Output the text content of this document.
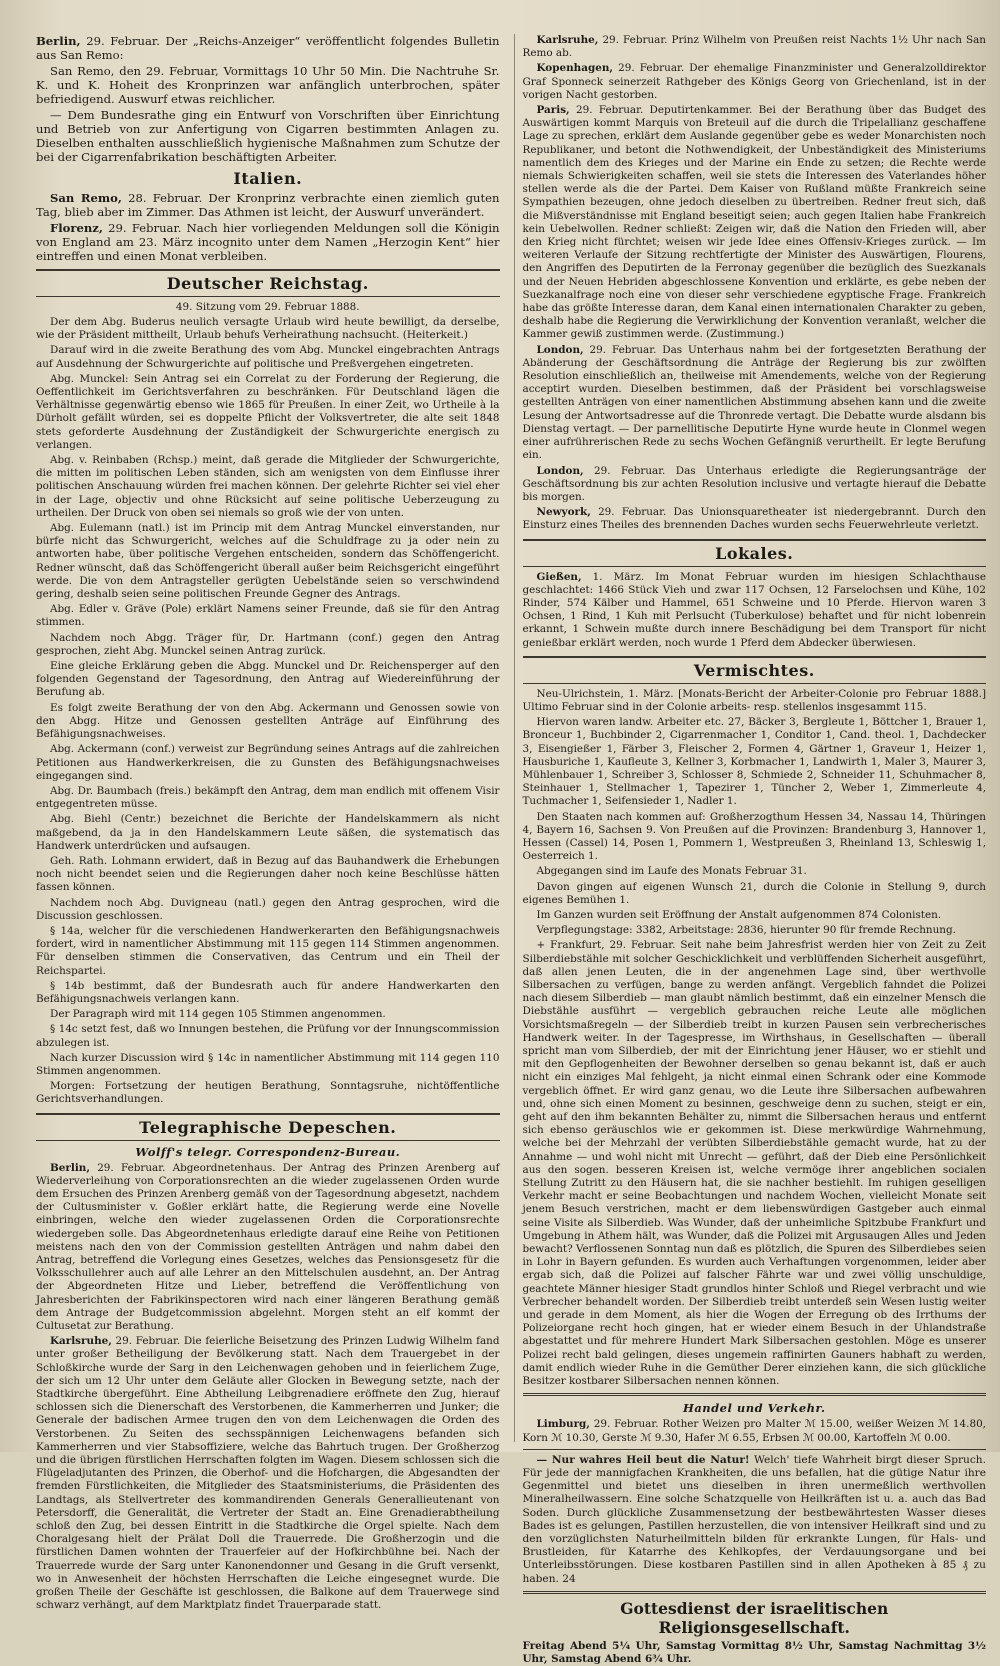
Berlin, 29. Februar. Der „Reichs-Anzeiger“ veröffentlicht folgendes Bulletin aus San Remo:

San Remo, den 29. Februar, Vormittags 10 Uhr 50 Min. Die Nachtruhe Sr. K. und K. Hoheit des Kronprinzen war anfänglich unterbrochen, später befriedigend. Auswurf etwas reichlicher.

— Dem Bundesrathe ging ein Entwurf von Vorschriften über Einrichtung und Betrieb von zur Anfertigung von Cigarren bestimmten Anlagen zu. Dieselben enthalten ausschließlich hygienische Maßnahmen zum Schutze der bei der Cigarrenfabrikation beschäftigten Arbeiter.

Italien.

San Remo, 28. Februar. Der Kronprinz verbrachte einen ziemlich guten Tag, blieb aber im Zimmer. Das Athmen ist leicht, der Auswurf unverändert.

Florenz, 29. Februar. Nach hier vorliegenden Meldungen soll die Königin von England am 23. März incognito unter dem Namen „Herzogin Kent“ hier eintreffen und einen Monat verbleiben.

Deutscher Reichstag.
49. Sitzung vom 29. Februar 1888.

Der dem Abg. Buderus neulich versagte Urlaub wird heute bewilligt, da derselbe, wie der Präsident mittheilt, Urlaub behufs Verheirathung nachsucht. (Heiterkeit.)

Darauf wird in die zweite Berathung des vom Abg. Munckel eingebrachten Antrags auf Ausdehnung der Schwurgerichte auf politische und Preßvergehen eingetreten.

Abg. Munckel: Sein Antrag sei ein Correlat zu der Forderung der Regierung, die Oeffentlichkeit im Gerichtsverfahren zu beschränken. Für Deutschland lägen die Verhältnisse gegenwärtig ebenso wie 1865 für Preußen. In einer Zeit, wo Urtheile à la Dürholt gefällt würden, sei es doppelte Pflicht der Volksvertreter, die alte seit 1848 stets geforderte Ausdehnung der Zuständigkeit der Schwurgerichte energisch zu verlangen.

Abg. v. Reinbaben (Rchsp.) meint, daß gerade die Mitglieder der Schwurgerichte, die mitten im politischen Leben ständen, sich am wenigsten von dem Einflusse ihrer politischen Anschauung würden frei machen können. Der gelehrte Richter sei viel eher in der Lage, objectiv und ohne Rücksicht auf seine politische Ueberzeugung zu urtheilen. Der Druck von oben sei niemals so groß wie der von unten.

Abg. Eulemann (natl.) ist im Princip mit dem Antrag Munckel einverstanden, nur bürfe nicht das Schwurgericht, welches auf die Schuldfrage zu ja oder nein zu antworten habe, über politische Vergehen entscheiden, sondern das Schöffengericht. Redner wünscht, daß das Schöffengericht überall außer beim Reichsgericht eingeführt werde. Die von dem Antragsteller gerügten Uebelstände seien so verschwindend gering, deshalb seien seine politischen Freunde Gegner des Antrags.

Abg. Edler v. Gräve (Pole) erklärt Namens seiner Freunde, daß sie für den Antrag stimmen.

Nachdem noch Abgg. Träger für, Dr. Hartmann (conf.) gegen den Antrag gesprochen, zieht Abg. Munckel seinen Antrag zurück.

Eine gleiche Erklärung geben die Abgg. Munckel und Dr. Reichensperger auf den folgenden Gegenstand der Tagesordnung, den Antrag auf Wiedereinführung der Berufung ab.

Es folgt zweite Berathung der von den Abg. Ackermann und Genossen sowie von den Abgg. Hitze und Genossen gestellten Anträge auf Einführung des Befähigungsnachweises.

Abg. Ackermann (conf.) verweist zur Begründung seines Antrags auf die zahlreichen Petitionen aus Handwerkerkreisen, die zu Gunsten des Befähigungsnachweises eingegangen sind.

Abg. Dr. Baumbach (freis.) bekämpft den Antrag, dem man endlich mit offenem Visir entgegentreten müsse.

Abg. Biehl (Centr.) bezeichnet die Berichte der Handelskammern als nicht maßgebend, da ja in den Handelskammern Leute säßen, die systematisch das Handwerk unterdrücken und aufsaugen.

Geh. Rath. Lohmann erwidert, daß in Bezug auf das Bauhandwerk die Erhebungen noch nicht beendet seien und die Regierungen daher noch keine Beschlüsse hätten fassen können.

Nachdem noch Abg. Duvigneau (natl.) gegen den Antrag gesprochen, wird die Discussion geschlossen.

§ 14a, welcher für die verschiedenen Handwerkerarten den Befähigungsnachweis fordert, wird in namentlicher Abstimmung mit 115 gegen 114 Stimmen angenommen. Für denselben stimmen die Conservativen, das Centrum und ein Theil der Reichspartei.

§ 14b bestimmt, daß der Bundesrath auch für andere Handwerkarten den Befähigungsnachweis verlangen kann.

Der Paragraph wird mit 114 gegen 105 Stimmen angenommen.

§ 14c setzt fest, daß wo Innungen bestehen, die Prüfung vor der Innungscommission abzulegen ist.

Nach kurzer Discussion wird § 14c in namentlicher Abstimmung mit 114 gegen 110 Stimmen angenommen.

Morgen: Fortsetzung der heutigen Berathung, Sonntagsruhe, nichtöffentliche Gerichtsverhandlungen.

Telegraphische Depeschen.
Wolff's telegr. Correspondenz-Bureau.

Berlin, 29. Februar. Abgeordnetenhaus. Der Antrag des Prinzen Arenberg auf Wiederverleihung von Corporationsrechten an die wieder zugelassenen Orden wurde dem Ersuchen des Prinzen Arenberg gemäß von der Tagesordnung abgesetzt, nachdem der Cultusminister v. Goßler erklärt hatte, die Regierung werde eine Novelle einbringen, welche den wieder zugelassenen Orden die Corporationsrechte wiedergeben solle. Das Abgeordnetenhaus erledigte darauf eine Reihe von Petitionen meistens nach den von der Commission gestellten Anträgen und nahm dabei den Antrag, betreffend die Vorlegung eines Gesetzes, welches das Pensionsgesetz für die Volksschullehrer auch auf alle Lehrer an den Mittelschulen ausdehnt, an. Der Antrag der Abgeordneten Hitze und Lieber, betreffend die Veröffentlichung von Jahresberichten der Fabrikinspectoren wird nach einer längeren Berathung gemäß dem Antrage der Budgetcommission abgelehnt. Morgen steht an elf kommt der Cultusetat zur Berathung.

Karlsruhe, 29. Februar. Die feierliche Beisetzung des Prinzen Ludwig Wilhelm fand unter großer Betheiligung der Bevölkerung statt. Nach dem Trauergebet in der Schloßkirche wurde der Sarg in den Leichenwagen gehoben und in feierlichem Zuge, der sich um 12 Uhr unter dem Geläute aller Glocken in Bewegung setzte, nach der Stadtkirche übergeführt. Eine Abtheilung Leibgrenadiere eröffnete den Zug, hierauf schlossen sich die Dienerschaft des Verstorbenen, die Kammerherren und Junker; die Generale der badischen Armee trugen den von dem Leichenwagen die Orden des Verstorbenen. Zu Seiten des sechsspännigen Leichenwagens befanden sich Kammerherren und vier Stabsoffiziere, welche das Bahrtuch trugen. Der Großherzog und die übrigen fürstlichen Herrschaften folgten im Wagen. Diesem schlossen sich die Flügeladjutanten des Prinzen, die Oberhof- und die Hofchargen, die Abgesandten der fremden Fürstlichkeiten, die Mitglieder des Staatsministeriums, die Präsidenten des Landtags, als Stellvertreter des kommandirenden Generals Generallieutenant von Petersdorff, die Generalität, die Vertreter der Stadt an. Eine Grenadierabtheilung schloß den Zug, bei dessen Eintritt in die Stadtkirche die Orgel spielte. Nach dem Choralgesang hielt der Prälat Doll die Trauerrede. Die Großherzogin und die fürstlichen Damen wohnten der Trauerfeier auf der Hofkirchbühne bei. Nach der Trauerrede wurde der Sarg unter Kanonendonner und Gesang in die Gruft versenkt, wo in Anwesenheit der höchsten Herrschaften die Leiche eingesegnet wurde. Die großen Theile der Geschäfte ist geschlossen, die Balkone auf dem Trauerwege sind schwarz verhängt, auf dem Marktplatz findet Trauerparade statt.

Karlsruhe, 29. Februar. Prinz Wilhelm von Preußen reist Nachts 1½ Uhr nach San Remo ab.

Kopenhagen, 29. Februar. Der ehemalige Finanzminister und Generalzolldirektor Graf Sponneck seinerzeit Rathgeber des Königs Georg von Griechenland, ist in der vorigen Nacht gestorben.

Paris, 29. Februar. Deputirtenkammer. Bei der Berathung über das Budget des Auswärtigen kommt Marquis von Breteuil auf die durch die Tripelallianz geschaffene Lage zu sprechen, erklärt dem Auslande gegenüber gebe es weder Monarchisten noch Republikaner, und betont die Nothwendigkeit, der Unbeständigkeit des Ministeriums namentlich dem des Krieges und der Marine ein Ende zu setzen; die Rechte werde niemals Schwierigkeiten schaffen, weil sie stets die Interessen des Vaterlandes höher stellen werde als die der Partei. Dem Kaiser von Rußland müßte Frankreich seine Sympathien bezeugen, ohne jedoch dieselben zu übertreiben. Redner freut sich, daß die Mißverständnisse mit England beseitigt seien; auch gegen Italien habe Frankreich kein Uebelwollen. Redner schließt: Zeigen wir, daß die Nation den Frieden will, aber den Krieg nicht fürchtet; weisen wir jede Idee eines Offensiv-Krieges zurück. — Im weiteren Verlaufe der Sitzung rechtfertigte der Minister des Auswärtigen, Flourens, den Angriffen des Deputirten de la Ferronay gegenüber die bezüglich des Suezkanals und der Neuen Hebriden abgeschlossene Konvention und erklärte, es gebe neben der Suezkanalfrage noch eine von dieser sehr verschiedene egyptische Frage. Frankreich habe das größte Interesse daran, dem Kanal einen internationalen Charakter zu geben, deshalb habe die Regierung die Verwirklichung der Konvention veranlaßt, welcher die Kammer gewiß zustimmen werde. (Zustimmung.)

London, 29. Februar. Das Unterhaus nahm bei der fortgesetzten Berathung der Abänderung der Geschäftsordnung die Anträge der Regierung bis zur zwölften Resolution einschließlich an, theilweise mit Amendements, welche von der Regierung acceptirt wurden. Dieselben bestimmen, daß der Präsident bei vorschlagsweise gestellten Anträgen von einer namentlichen Abstimmung absehen kann und die zweite Lesung der Antwortsadresse auf die Thronrede vertagt. Die Debatte wurde alsdann bis Dienstag vertagt. — Der parnellitische Deputirte Hyne wurde heute in Clonmel wegen einer aufrührerischen Rede zu sechs Wochen Gefängniß verurtheilt. Er legte Berufung ein.

London, 29. Februar. Das Unterhaus erledigte die Regierungsanträge der Geschäftsordnung bis zur achten Resolution inclusive und vertagte hierauf die Debatte bis morgen.

Newyork, 29. Februar. Das Unionsquaretheater ist niedergebrannt. Durch den Einsturz eines Theiles des brennenden Daches wurden sechs Feuerwehrleute verletzt.

Lokales.

Gießen, 1. März. Im Monat Februar wurden im hiesigen Schlachthause geschlachtet: 1466 Stück Vieh und zwar 117 Ochsen, 12 Farselochsen und Kühe, 102 Rinder, 574 Kälber und Hammel, 651 Schweine und 10 Pferde. Hiervon waren 3 Ochsen, 1 Rind, 1 Kuh mit Perlsucht (Tuberkulose) behaftet und für nicht lobenrein erkannt, 1 Schwein mußte durch innere Beschädigung bei dem Transport für nicht genießbar erklärt werden, noch wurde 1 Pferd dem Abdecker überwiesen.

Vermischtes.

Neu-Ulrichstein, 1. März. [Monats-Bericht der Arbeiter-Colonie pro Februar 1888.] Ultimo Februar sind in der Colonie arbeits- resp. stellenlos insgesammt 115.

Hiervon waren landw. Arbeiter etc. 27, Bäcker 3, Bergleute 1, Böttcher 1, Brauer 1, Bronceur 1, Buchbinder 2, Cigarrenmacher 1, Conditor 1, Cand. theol. 1, Dachdecker 3, Eisengießer 1, Färber 3, Fleischer 2, Formen 4, Gärtner 1, Graveur 1, Heizer 1, Hausburiche 1, Kaufleute 3, Kellner 3, Korbmacher 1, Landwirth 1, Maler 3, Maurer 3, Mühlenbauer 1, Schreiber 3, Schlosser 8, Schmiede 2, Schneider 11, Schuhmacher 8, Steinhauer 1, Stellmacher 1, Tapezirer 1, Tüncher 2, Weber 1, Zimmerleute 4, Tuchmacher 1, Seifensieder 1, Nadler 1.

Den Staaten nach kommen auf: Großherzogthum Hessen 34, Nassau 14, Thüringen 4, Bayern 16, Sachsen 9. Von Preußen auf die Provinzen: Brandenburg 3, Hannover 1, Hessen (Cassel) 14, Posen 1, Pommern 1, Westpreußen 3, Rheinland 13, Schleswig 1, Oesterreich 1.

Abgegangen sind im Laufe des Monats Februar 31.

Davon gingen auf eigenen Wunsch 21, durch die Colonie in Stellung 9, durch eigenes Bemühen 1.

Im Ganzen wurden seit Eröffnung der Anstalt aufgenommen 874 Colonisten.

Verpflegungstage: 3382, Arbeitstage: 2836, hierunter 90 für fremde Rechnung.

+ Frankfurt, 29. Februar. Seit nahe beim Jahresfrist werden hier von Zeit zu Zeit Silberdiebstähle mit solcher Geschicklichkeit und verblüffenden Sicherheit ausgeführt, daß allen jenen Leuten, die in der angenehmen Lage sind, über werthvolle Silbersachen zu verfügen, bange zu werden anfängt. Vergeblich fahndet die Polizei nach diesem Silberdieb — man glaubt nämlich bestimmt, daß ein einzelner Mensch die Diebstähle ausführt — vergeblich gebrauchen reiche Leute alle möglichen Vorsichtsmaßregeln — der Silberdieb treibt in kurzen Pausen sein verbrecherisches Handwerk weiter. In der Tagespresse, im Wirthshaus, in Gesellschaften — überall spricht man vom Silberdieb, der mit der Einrichtung jener Häuser, wo er stiehlt und mit den Gepflogenheiten der Bewohner derselben so genau bekannt ist, daß er auch nicht ein einziges Mal fehlgeht, ja nicht einmal einen Schrank oder eine Kommode vergeblich öffnet. Er wird ganz genau, wo die Leute ihre Silbersachen aufbewahren und, ohne sich einen Moment zu besinnen, geschweige denn zu suchen, steigt er ein, geht auf den ihm bekannten Behälter zu, nimmt die Silbersachen heraus und entfernt sich ebenso geräuschlos wie er gekommen ist. Diese merkwürdige Wahrnehmung, welche bei der Mehrzahl der verübten Silberdiebstähle gemacht wurde, hat zu der Annahme — und wohl nicht mit Unrecht — geführt, daß der Dieb eine Persönlichkeit aus den sogen. besseren Kreisen ist, welche vermöge ihrer angeblichen socialen Stellung Zutritt zu den Häusern hat, die sie nachher bestiehlt. Im ruhigen geselligen Verkehr macht er seine Beobachtungen und nachdem Wochen, vielleicht Monate seit jenem Besuch verstrichen, macht er dem liebenswürdigen Gastgeber auch einmal seine Visite als Silberdieb. Was Wunder, daß der unheimliche Spitzbube Frankfurt und Umgebung in Athem hält, was Wunder, daß die Polizei mit Argusaugen Alles und Jeden bewacht? Verflossenen Sonntag nun daß es plötzlich, die Spuren des Silberdiebes seien in Lohr in Bayern gefunden. Es wurden auch Verhaftungen vorgenommen, leider aber ergab sich, daß die Polizei auf falscher Fährte war und zwei völlig unschuldige, geachtete Männer hiesiger Stadt grundlos hinter Schloß und Riegel verbracht und wie Verbrecher behandelt worden. Der Silberdieb treibt unterdeß sein Wesen lustig weiter und gerade in dem Moment, als hier die Wogen der Erregung ob des Irrthums der Polizeiorgane recht hoch gingen, hat er wieder einem Besuch in der Uhlandstraße abgestattet und für mehrere Hundert Mark Silbersachen gestohlen. Möge es unserer Polizei recht bald gelingen, dieses ungemein raffinirten Gauners habhaft zu werden, damit endlich wieder Ruhe in die Gemüther Derer einziehen kann, die sich glückliche Besitzer kostbarer Silbersachen nennen können.

Handel und Verkehr.

Limburg, 29. Februar. Rother Weizen pro Malter ℳ 15.00, weißer Weizen ℳ 14.80, Korn ℳ 10.30, Gerste ℳ 9.30, Hafer ℳ 6.55, Erbsen ℳ 00.00, Kartoffeln ℳ 0.00.

— Nur wahres Heil beut die Natur! Welch' tiefe Wahrheit birgt dieser Spruch. Für jede der mannigfachen Krankheiten, die uns befallen, hat die gütige Natur ihre Gegenmittel und bietet uns dieselben in ihren unermeßlich werthvollen Mineralheilwassern. Eine solche Schatzquelle von Heilkräften ist u. a. auch das Bad Soden. Durch glückliche Zusammensetzung der bestbewährtesten Wasser dieses Bades ist es gelungen, Pastillen herzustellen, die von intensiver Heilkraft sind und zu den vorzüglichsten Naturheilmitteln bilden für erkrankte Lungen, für Hals- und Brustleiden, für Katarrhe des Kehlkopfes, der Verdauungsorgane und bei Unterleibsstörungen. Diese kostbaren Pastillen sind in allen Apotheken à 85 ₰ zu haben. 24

Gottesdienst der israelitischen Religionsgesellschaft.

Freitag Abend 5¼ Uhr, Samstag Vormittag 8½ Uhr, Samstag Nachmittag 3½ Uhr, Samstag Abend 6¾ Uhr.
